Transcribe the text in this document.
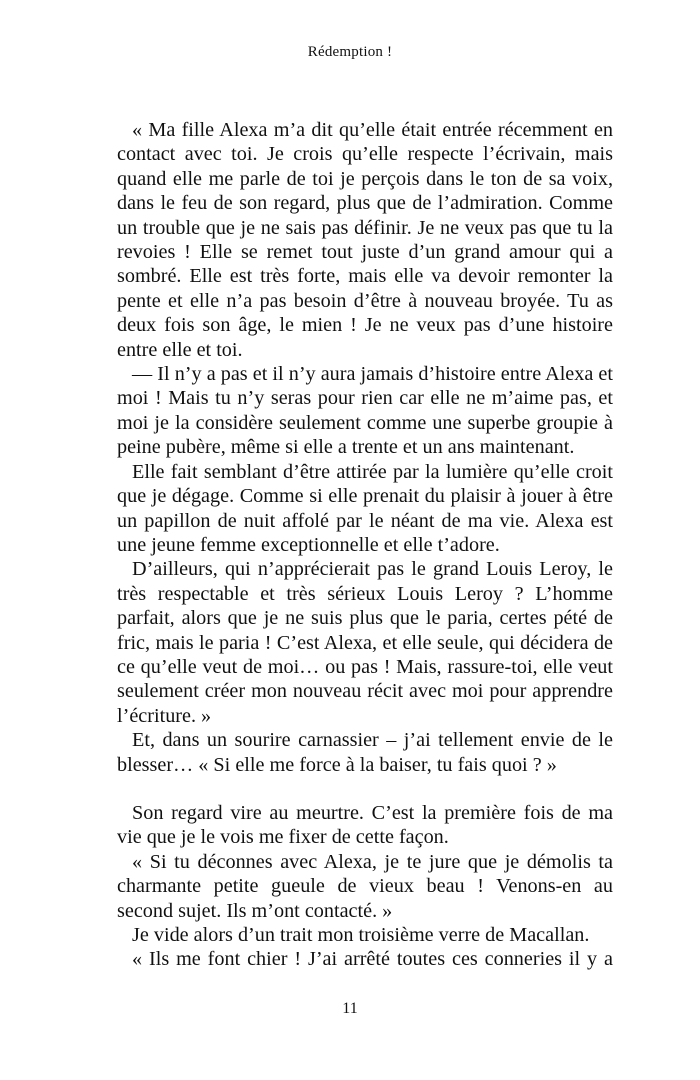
Rédemption !

« Ma fille Alexa m’a dit qu’elle était entrée récemment en contact avec toi. Je crois qu’elle respecte l’écrivain, mais quand elle me parle de toi je perçois dans le ton de sa voix, dans le feu de son regard, plus que de l’admiration. Comme un trouble que je ne sais pas définir. Je ne veux pas que tu la revoies ! Elle se remet tout juste d’un grand amour qui a sombré. Elle est très forte, mais elle va devoir remonter la pente et elle n’a pas besoin d’être à nouveau broyée. Tu as deux fois son âge, le mien ! Je ne veux pas d’une histoire entre elle et toi.

— Il n’y a pas et il n’y aura jamais d’histoire entre Alexa et moi ! Mais tu n’y seras pour rien car elle ne m’aime pas, et moi je la considère seulement comme une superbe groupie à peine pubère, même si elle a trente et un ans maintenant.

Elle fait semblant d’être attirée par la lumière qu’elle croit que je dégage. Comme si elle prenait du plaisir à jouer à être un papillon de nuit affolé par le néant de ma vie. Alexa est une jeune femme exceptionnelle et elle t’adore.

D’ailleurs, qui n’apprécierait pas le grand Louis Leroy, le très respectable et très sérieux Louis Leroy ? L’homme parfait, alors que je ne suis plus que le paria, certes pété de fric, mais le paria ! C’est Alexa, et elle seule, qui décidera de ce qu’elle veut de moi… ou pas ! Mais, rassure-toi, elle veut seulement créer mon nouveau récit avec moi pour apprendre l’écriture. »

Et, dans un sourire carnassier – j’ai tellement envie de le blesser… « Si elle me force à la baiser, tu fais quoi ? »

Son regard vire au meurtre. C’est la première fois de ma vie que je le vois me fixer de cette façon.

« Si tu déconnes avec Alexa, je te jure que je démolis ta charmante petite gueule de vieux beau ! Venons-en au second sujet. Ils m’ont contacté. »

Je vide alors d’un trait mon troisième verre de Macallan.

« Ils me font chier ! J’ai arrêté toutes ces conneries il y a

11
